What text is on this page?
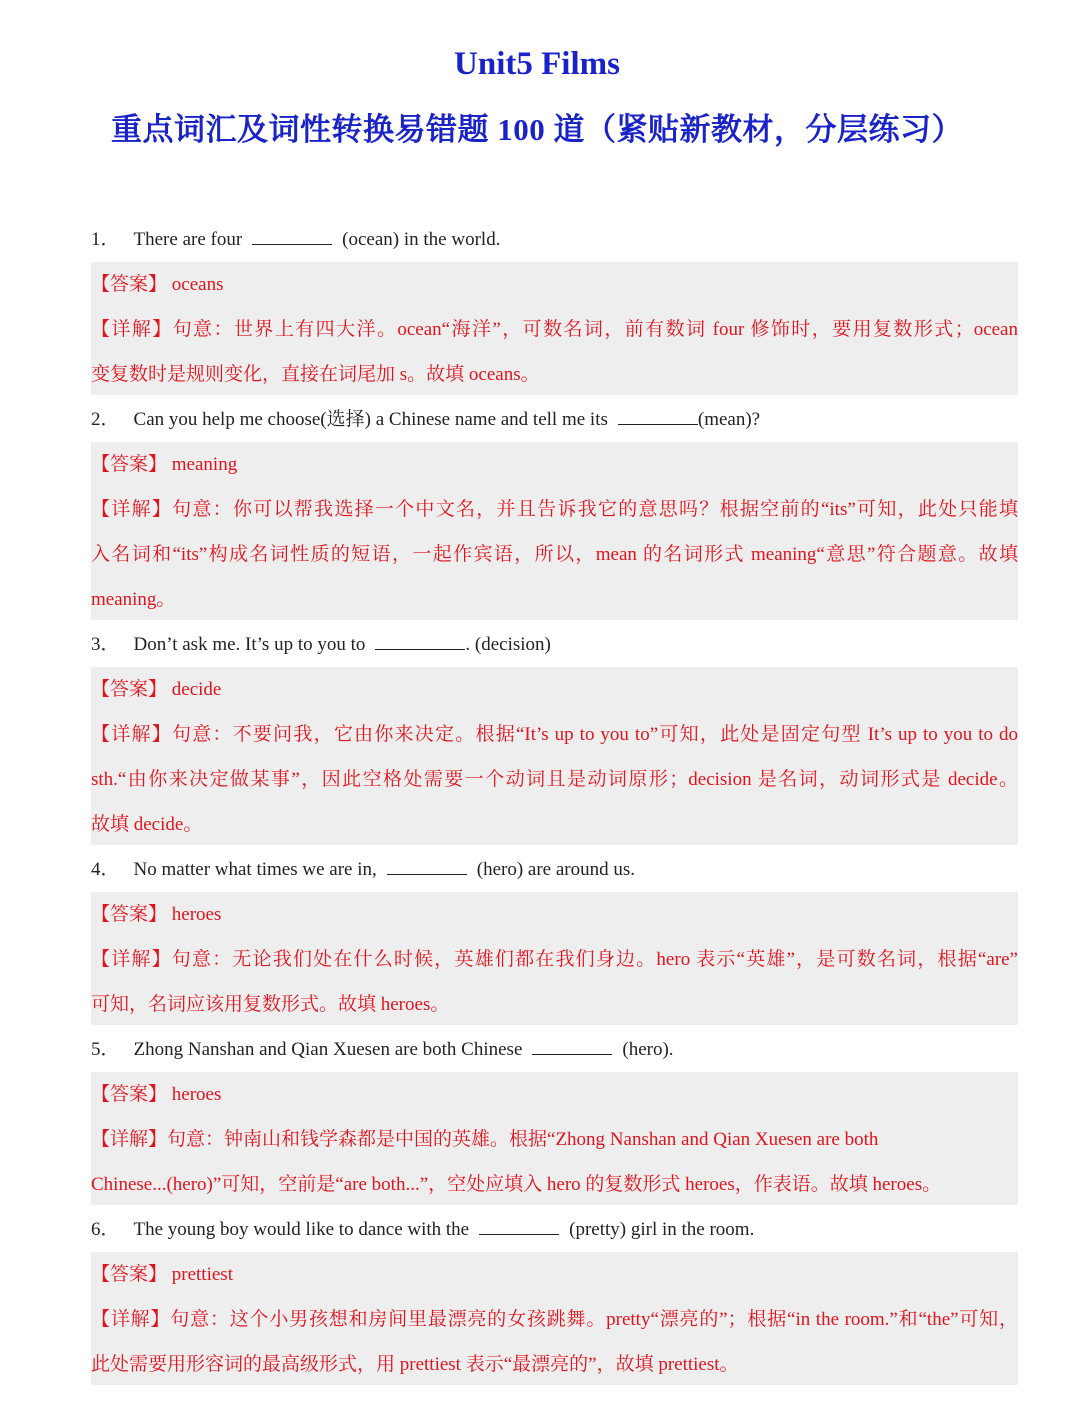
Unit5 Films
重点词汇及词性转换易错题 100 道（紧贴新教材，分层练习）
1． There are four	(ocean) in the world.
【答案】 oceans
【详解】句意：世界上有四大洋。ocean“海洋”，可数名词，前有数词 four 修饰时，要用复数形式；ocean
变复数时是规则变化，直接在词尾加 s。故填 oceans。
2． Can you help me choose(选择) a Chinese name and tell me its	(mean)?
【答案】 meaning
【详解】句意：你可以帮我选择一个中文名，并且告诉我它的意思吗？根据空前的“its”可知，此处只能填
入名词和“its”构成名词性质的短语，一起作宾语，所以，mean 的名词形式 meaning“意思”符合题意。故填
meaning。
3． Don’t ask me. It’s up to you to	. (decision)
【答案】 decide
【详解】句意：不要问我，它由你来决定。根据“It’s up to you to”可知，此处是固定句型 It’s up to you to do
sth.“由你来决定做某事”，因此空格处需要一个动词且是动词原形；decision 是名词，动词形式是 decide。
故填 decide。
4． No matter what times we are in,	(hero) are around us.
【答案】 heroes
【详解】句意：无论我们处在什么时候，英雄们都在我们身边。hero 表示“英雄”，是可数名词，根据“are”
可知，名词应该用复数形式。故填 heroes。
5． Zhong Nanshan and Qian Xuesen are both Chinese	(hero).
【答案】 heroes
【详解】句意：钟南山和钱学森都是中国的英雄。根据“Zhong Nanshan and Qian Xuesen are both
Chinese...(hero)”可知，空前是“are both...”，空处应填入 hero 的复数形式 heroes，作表语。故填 heroes。
6． The young boy would like to dance with the	(pretty) girl in the room.
【答案】 prettiest
【详解】句意：这个小男孩想和房间里最漂亮的女孩跳舞。pretty“漂亮的”；根据“in the room.”和“the”可知，
此处需要用形容词的最高级形式，用 prettiest 表示“最漂亮的”，故填 prettiest。
